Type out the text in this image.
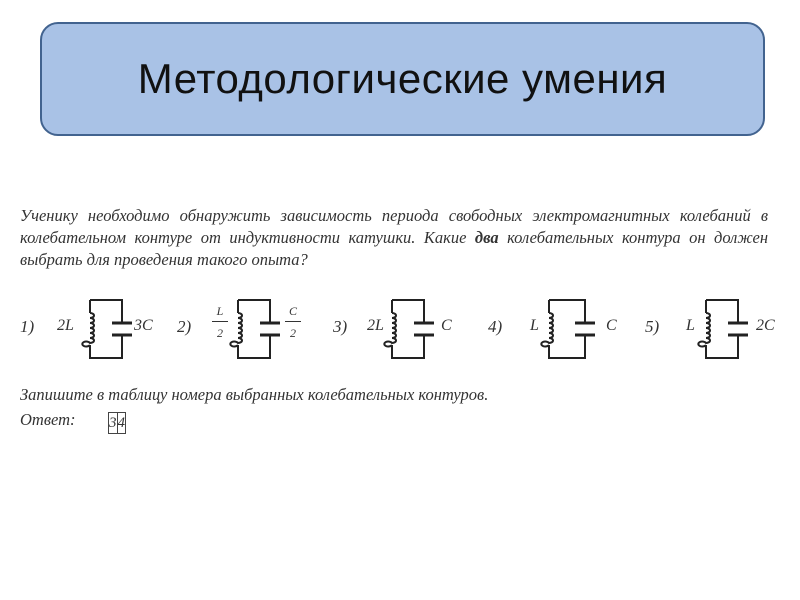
Методологические умения
Ученику необходимо обнаружить зависимость периода свободных электромагнитных колебаний в колебательном контуре от индуктивности катушки. Какие два колебательных контура он должен выбрать для проведения такого опыта?
1) 2L	3C $2) \frac{L}{2}$	$\frac{C}{2} 3$) 2L	C 4) L	C 5) L	2C
Запишите в таблицу номера выбранных колебательных контуров.
Ответ: 3	4
